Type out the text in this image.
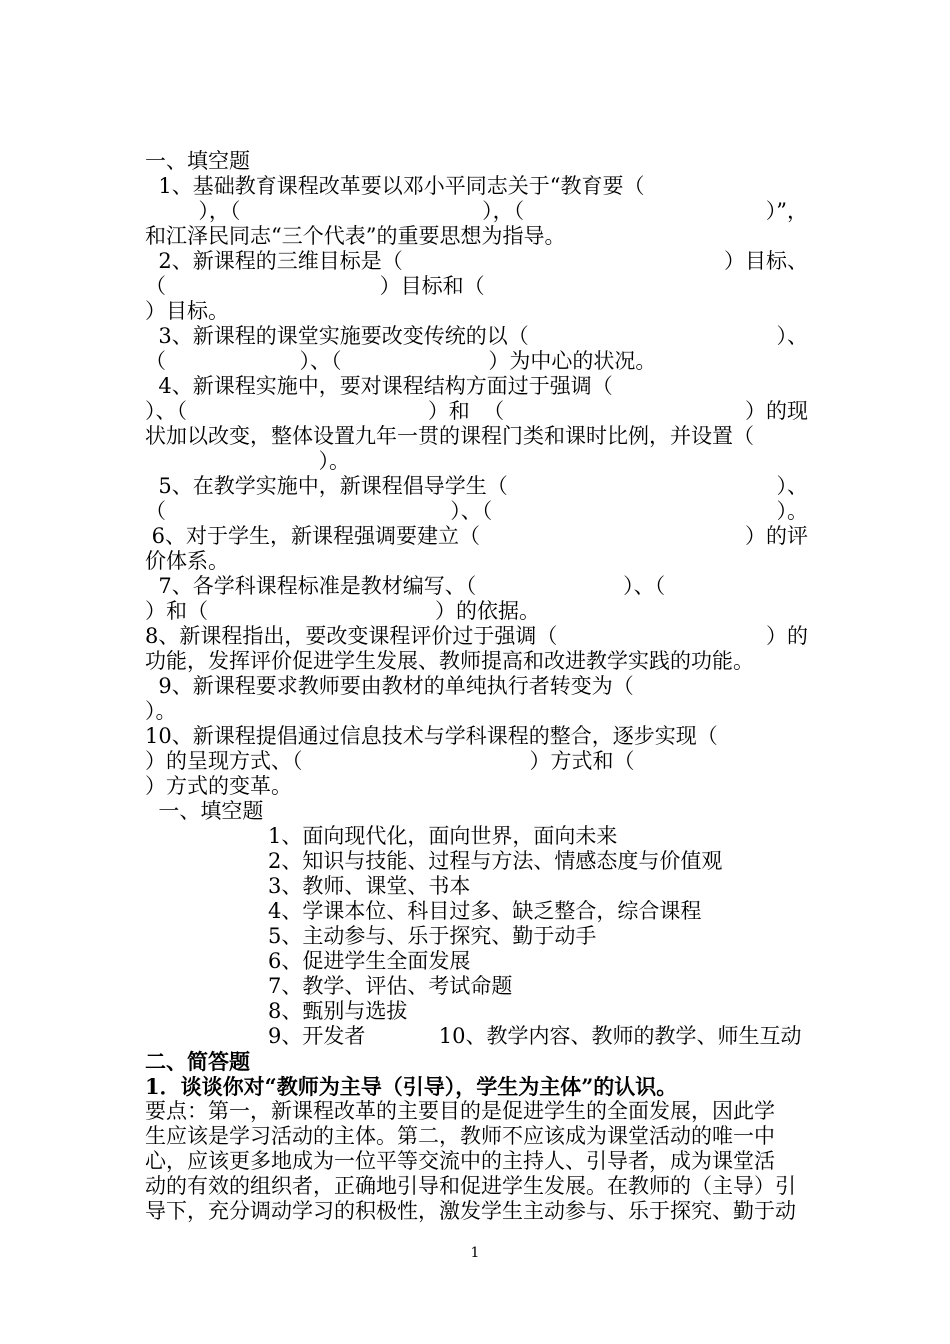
一、填空题
1、基础教育课程改革要以邓小平同志关于“教育要（
），（	），（	）”，
和江泽民同志“三个代表”的重要思想为指导。
2、新课程的三维目标是（	）目标、
（                                ）目标和（
）目标。
3、新课程的课堂实施要改变传统的以（	）、
（                    ）、（                      ）为中心的状况。
4、新课程实施中，要对课程结构方面过于强调（
）、（	）和  （	）的现
状加以改变，整体设置九年一贯的课程门类和课时比例，并设置（
）。
5、在教学实施中，新课程倡导学生（	）、
（	）、（	）。
6、对于学生，新课程强调要建立（	）的评
价体系。
7、各学科课程标准是教材编写、（                      ）、（
）和（                                  ）的依据。
8、新课程指出，要改变课程评价过于强调（	）的
功能，发挥评价促进学生发展、教师提高和改进教学实践的功能。
9、新课程要求教师要由教材的单纯执行者转变为（
）。
10、新课程提倡通过信息技术与学科课程的整合，逐步实现（
）的呈现方式、（                                  ）方式和（
）方式的变革。
一、填空题
1、面向现代化，面向世界，面向未来
2、知识与技能、过程与方法、情感态度与价值观
3、教师、课堂、书本
4、学课本位、科目过多、缺乏整合，综合课程
5、主动参与、乐于探究、勤于动手
6、促进学生全面发展
7、教学、评估、考试命题
8、甄别与选拔
9、开发者           10、教学内容、教师的教学、师生互动
二、简答题
1．谈谈你对“教师为主导（引导），学生为主体”的认识。
要点：第一，新课程改革的主要目的是促进学生的全面发展，因此学
生应该是学习活动的主体。第二，教师不应该成为课堂活动的唯一中
心，应该更多地成为一位平等交流中的主持人、引导者，成为课堂活
动的有效的组织者，正确地引导和促进学生发展。在教师的（主导）引
导下，充分调动学习的积极性，激发学生主动参与、乐于探究、勤于动
1
